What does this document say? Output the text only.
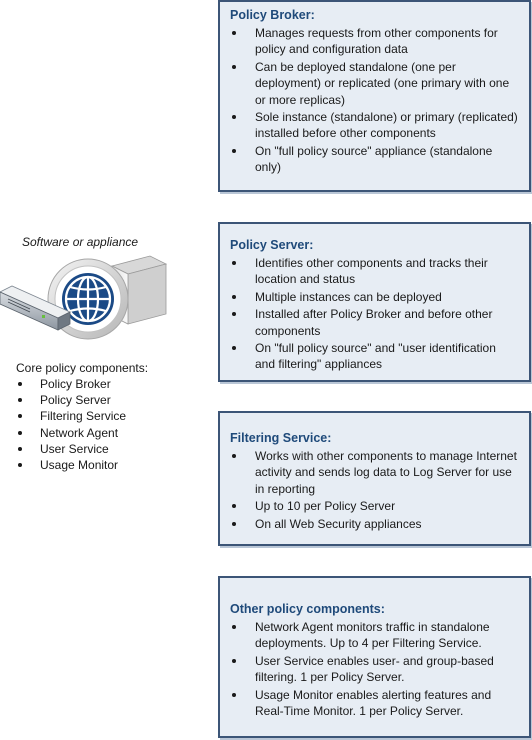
Software or appliance
Core policy components:
Policy Broker
Policy Server
Filtering Service
Network Agent
User Service
Usage Monitor
Policy Broker:
Manages requests from other components for policy and configuration data
Can be deployed standalone (one per deployment) or replicated (one primary with one or more replicas)
Sole instance (standalone) or primary (replicated) installed before other components
On "full policy source" appliance (standalone only)
Policy Server:
Identifies other components and tracks their location and status
Multiple instances can be deployed
Installed after Policy Broker and before other components
On "full policy source" and "user identification and filtering" appliances
Filtering Service:
Works with other components to manage Internet activity and sends log data to Log Server for use in reporting
Up to 10 per Policy Server
On all Web Security appliances
Other policy components:
Network Agent monitors traffic in standalone deployments. Up to 4 per Filtering Service.
User Service enables user- and group-based filtering. 1 per Policy Server.
Usage Monitor enables alerting features and Real-Time Monitor. 1 per Policy Server.
